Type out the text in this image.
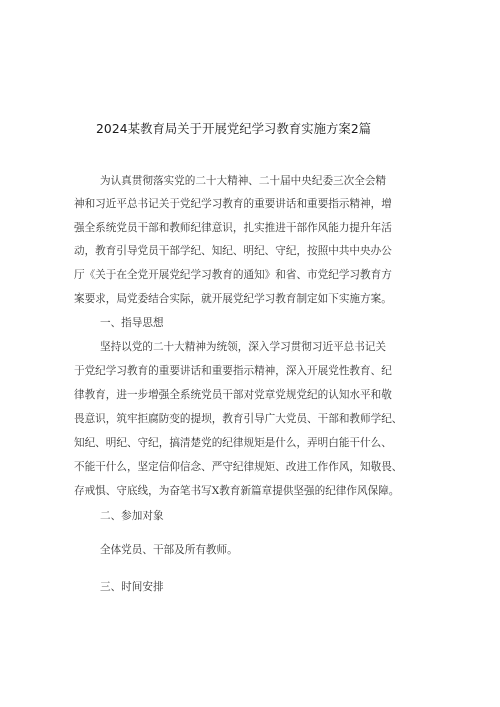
2024某教育局关于开展党纪学习教育实施方案2篇
为认真贯彻落实党的二十大精神、二十届中央纪委三次全会精
神和习近平总书记关于党纪学习教育的重要讲话和重要指示精神，增
强全系统党员干部和教师纪律意识，扎实推进干部作风能力提升年活
动，教育引导党员干部学纪、知纪、明纪、守纪，按照中共中央办公
厅《关于在全党开展党纪学习教育的通知》和省、市党纪学习教育方
案要求，局党委结合实际，就开展党纪学习教育制定如下实施方案。
一、指导思想
坚持以党的二十大精神为统领，深入学习贯彻习近平总书记关
于党纪学习教育的重要讲话和重要指示精神，深入开展党性教育、纪
律教育，进一步增强全系统党员干部对党章党规党纪的认知水平和敬
畏意识，筑牢拒腐防变的提坝，教育引导广大党员、干部和教师学纪、
知纪、明纪、守纪，搞清楚党的纪律规矩是什么，弄明白能干什么、
不能干什么，坚定信仰信念、严守纪律规矩、改进工作作风，知敬畏、
存戒惧、守底线，为奋笔书写X教育新篇章提供坚强的纪律作风保障。
二、参加对象
全体党员、干部及所有教师。
三、时间安排
